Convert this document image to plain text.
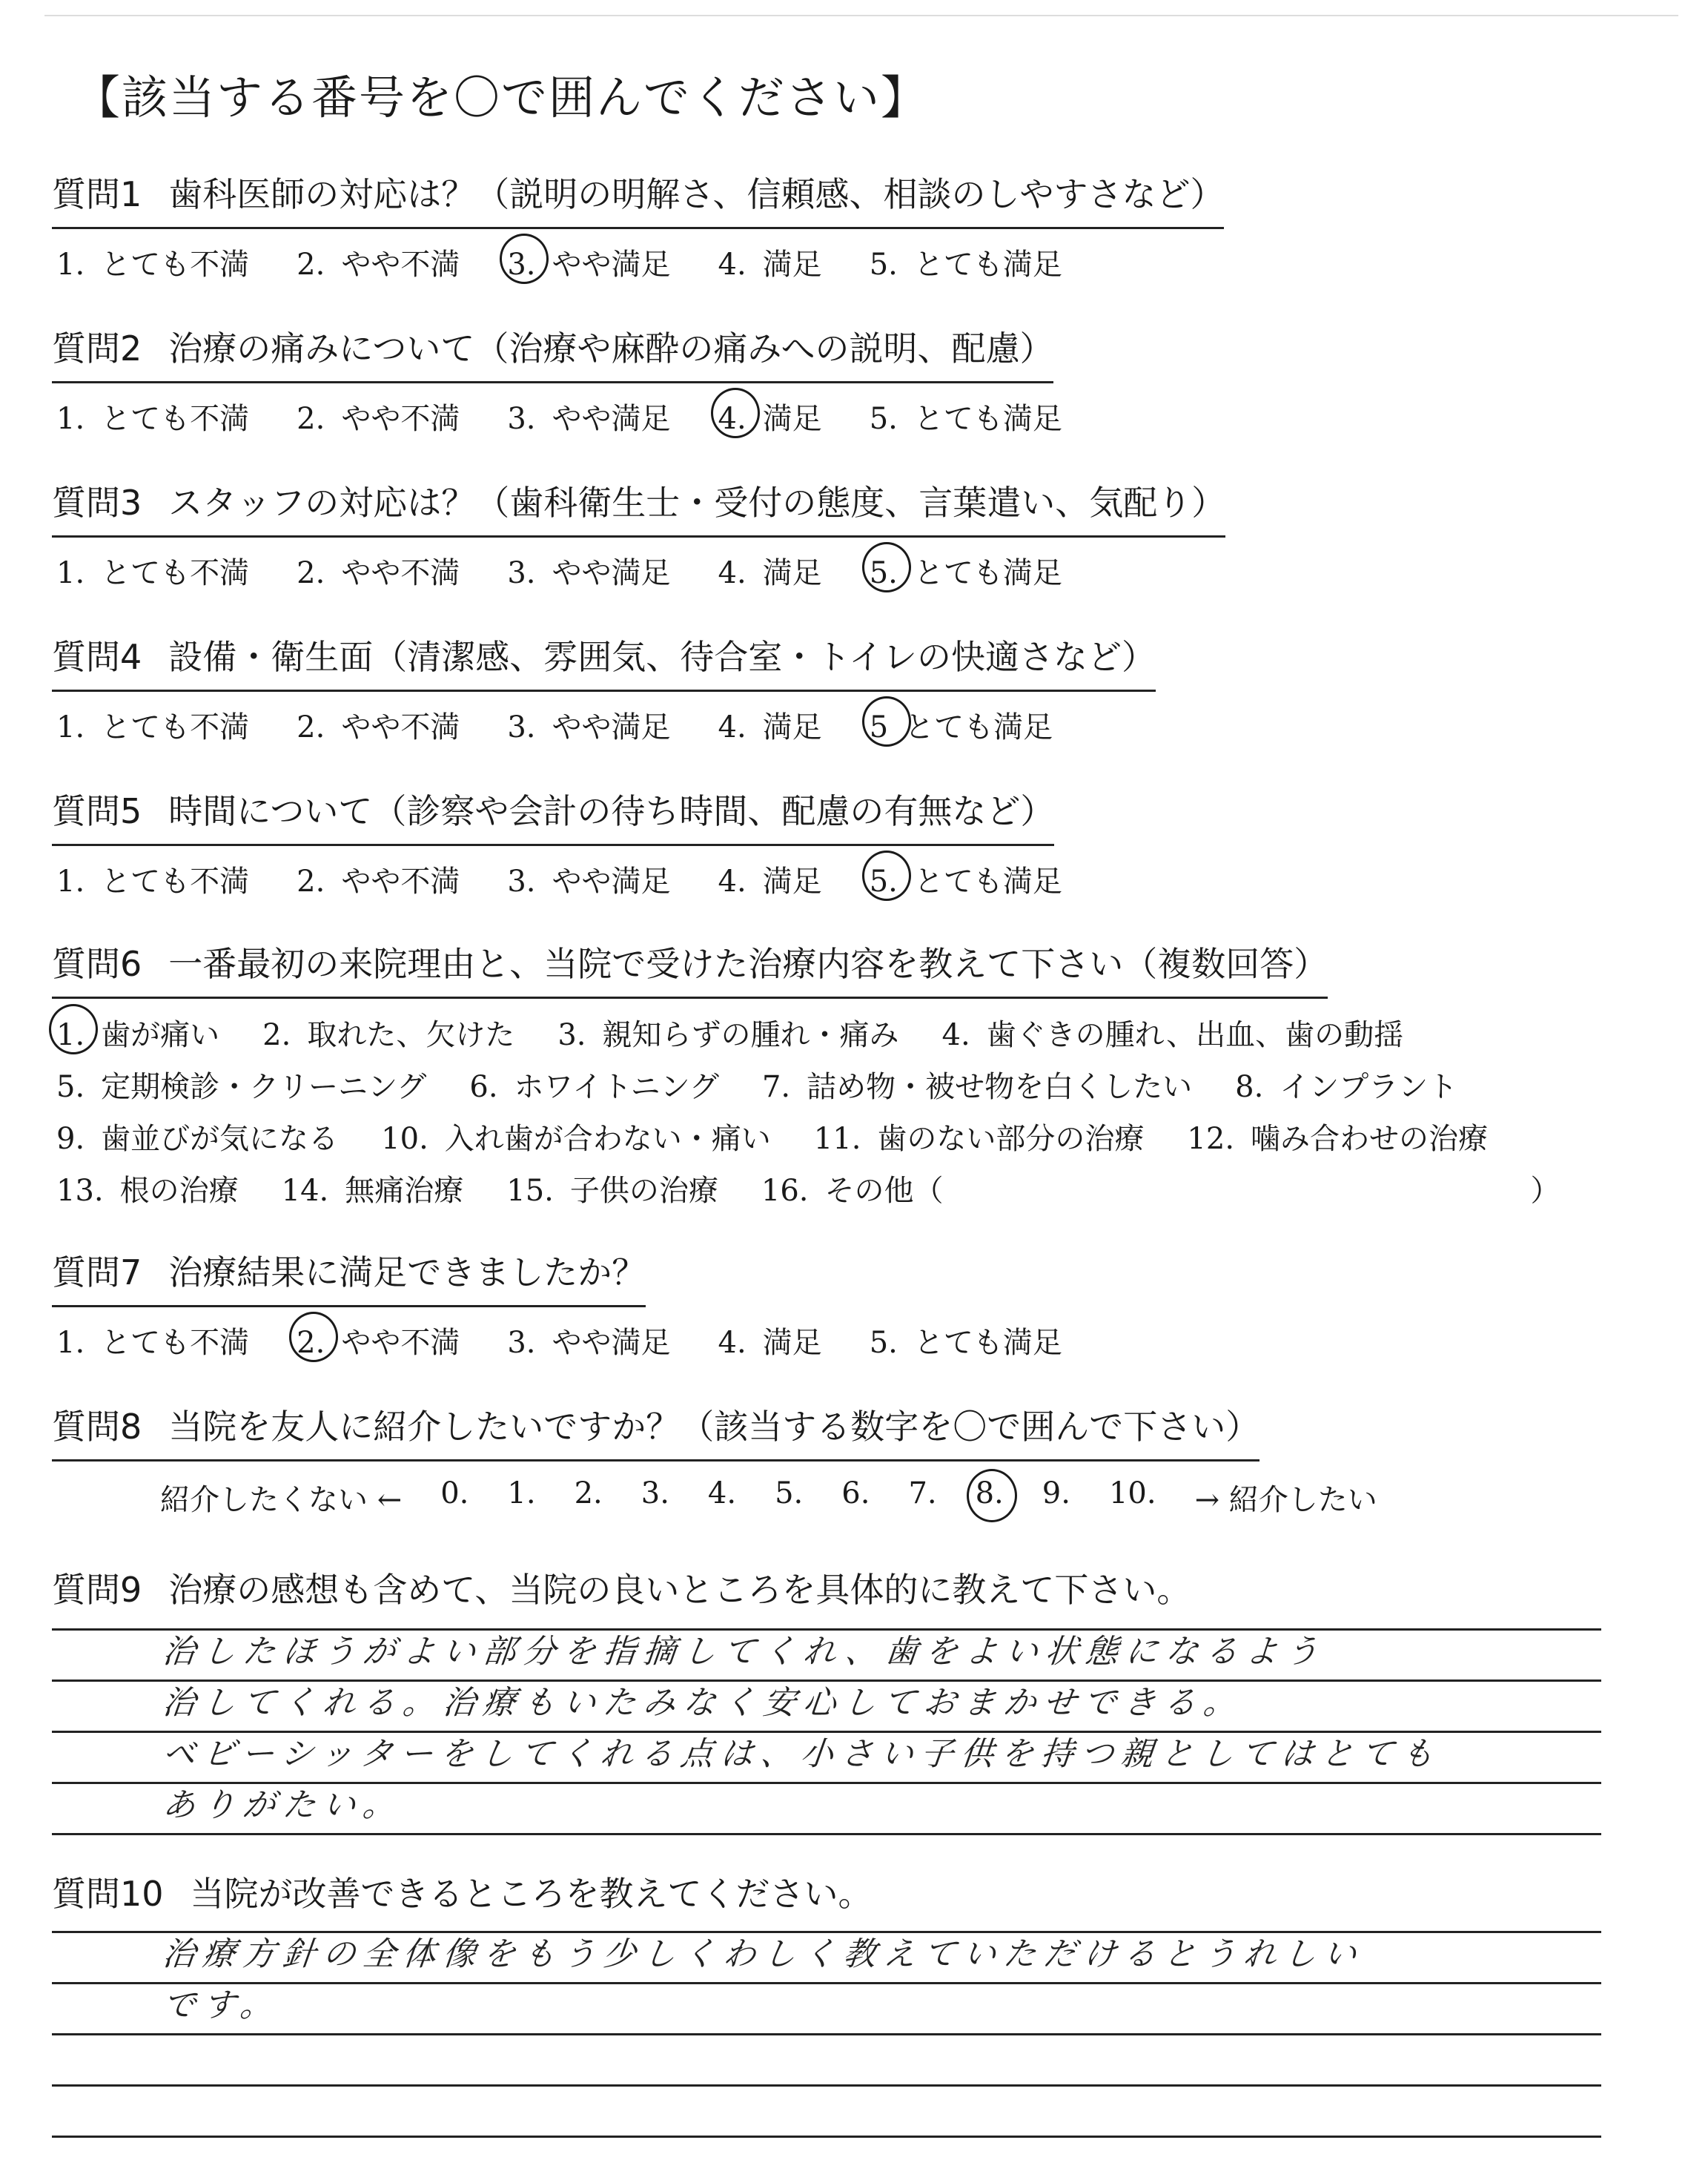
【該当する番号を〇で囲んでください】
質問1 歯科医師の対応は？（説明の明解さ、信頼感、相談のしやすさなど）
1. とても不満 2. やや不満 3. やや満足 4. 満足 5. とても満足
質問2 治療の痛みについて（治療や麻酔の痛みへの説明、配慮）
1. とても不満 2. やや不満 3. やや満足 4. 満足 5. とても満足
質問3 スタッフの対応は？（歯科衛生士・受付の態度、言葉遣い、気配り）
1. とても不満 2. やや不満 3. やや満足 4. 満足 5. とても満足
質問4 設備・衛生面（清潔感、雰囲気、待合室・トイレの快適さなど）
1. とても不満 2. やや不満 3. やや満足 4. 満足 5 とても満足
質問5 時間について（診察や会計の待ち時間、配慮の有無など）
1. とても不満 2. やや不満 3. やや満足 4. 満足 5. とても満足
質問6 一番最初の来院理由と、当院で受けた治療内容を教えて下さい（複数回答）
1. 歯が痛い 2. 取れた、欠けた 3. 親知らずの腫れ・痛み 4. 歯ぐきの腫れ、出血、歯の動揺
5. 定期検診・クリーニング 6. ホワイトニング 7. 詰め物・被せ物を白くしたい 8. インプラント
9. 歯並びが気になる 10. 入れ歯が合わない・痛い 11. 歯のない部分の治療 12. 噛み合わせの治療
13. 根の治療 14. 無痛治療 15. 子供の治療 16. その他（	）
質問7 治療結果に満足できましたか？
1. とても不満 2. やや不満 3. やや満足 4. 満足 5. とても満足
質問8 当院を友人に紹介したいですか？（該当する数字を〇で囲んで下さい）
紹介したくない ← 0. 1. 2. 3. 4. 5. 6. 7. 8. 9. 10. → 紹介したい
質問9 治療の感想も含めて、当院の良いところを具体的に教えて下さい。
治したほうがよい部分を指摘してくれ、歯をよい状態になるよう
治してくれる。治療もいたみなく安心しておまかせできる。
ベビーシッターをしてくれる点は、小さい子供を持つ親としてはとても
ありがたい。
質問10 当院が改善できるところを教えてください。
治療方針の全体像をもう少しくわしく教えていただけるとうれしい
です。
